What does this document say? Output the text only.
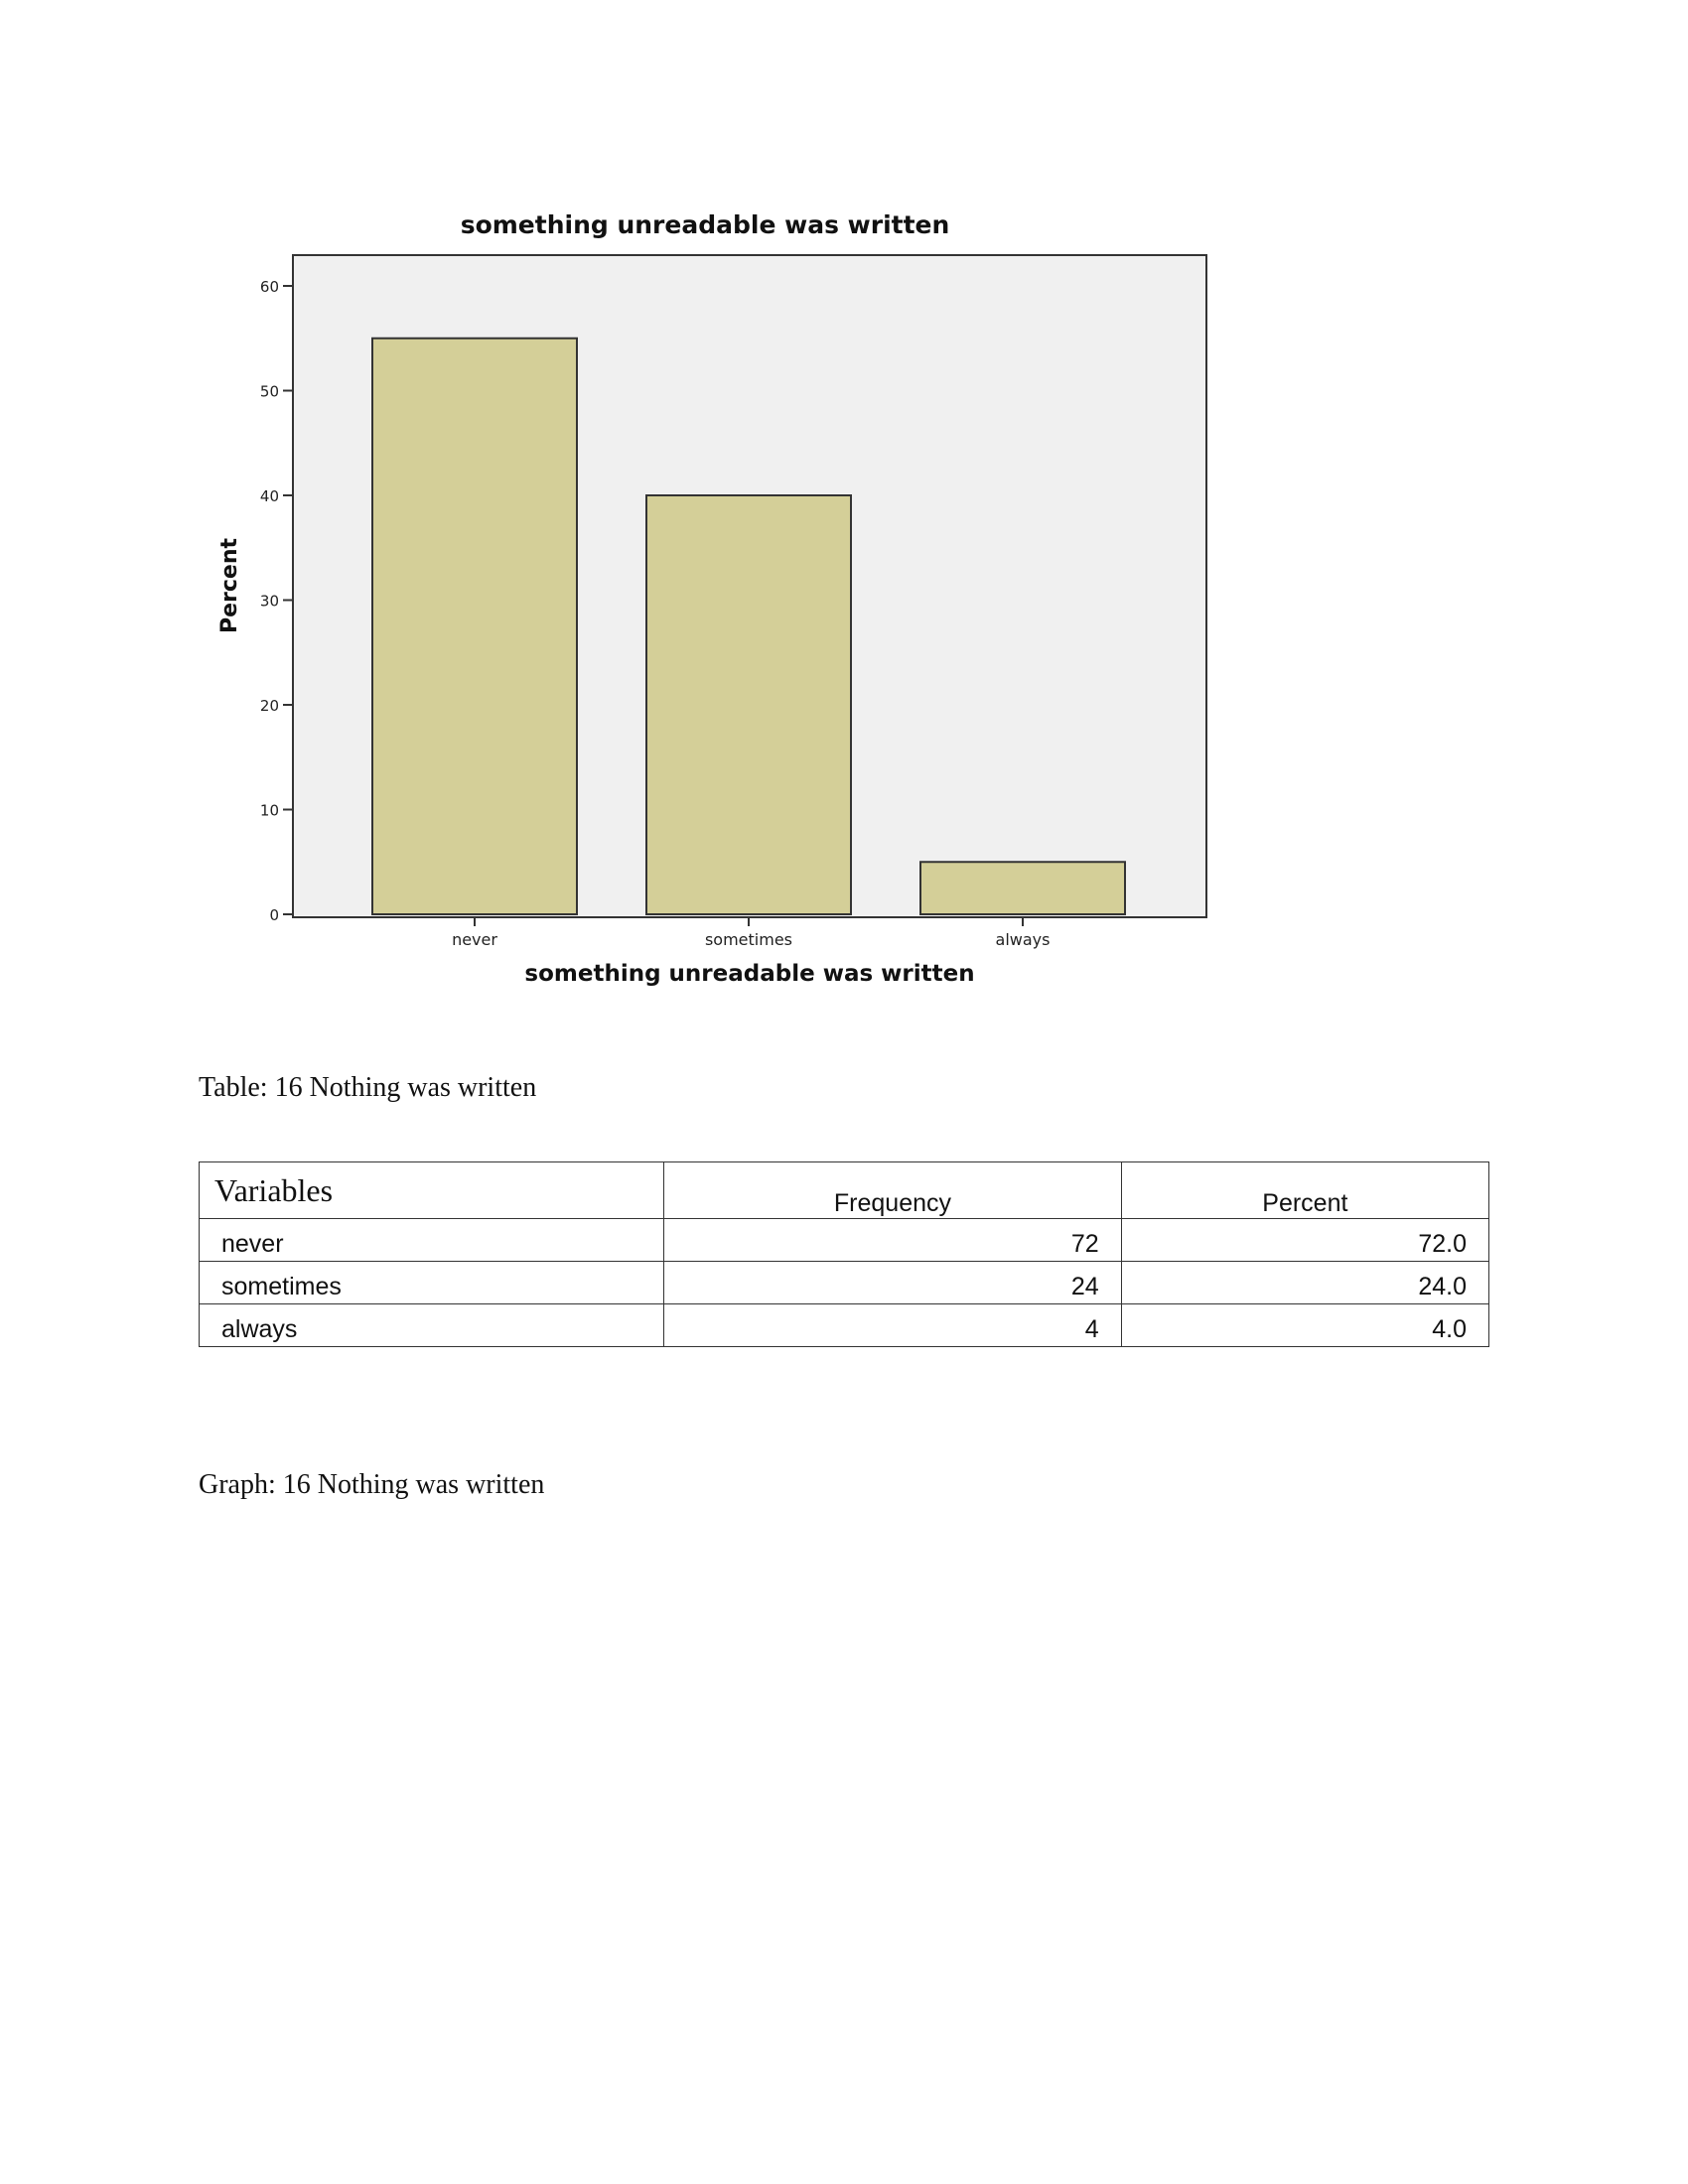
something unreadable was written
0
10
20
30
40
50
60
never	sometimes	always
Percent
something unreadable was written
Table: 16 Nothing was written
Variables	Frequency	Percent
never	72	72.0
sometimes	24	24.0
always	4	4.0
Graph: 16 Nothing was written
